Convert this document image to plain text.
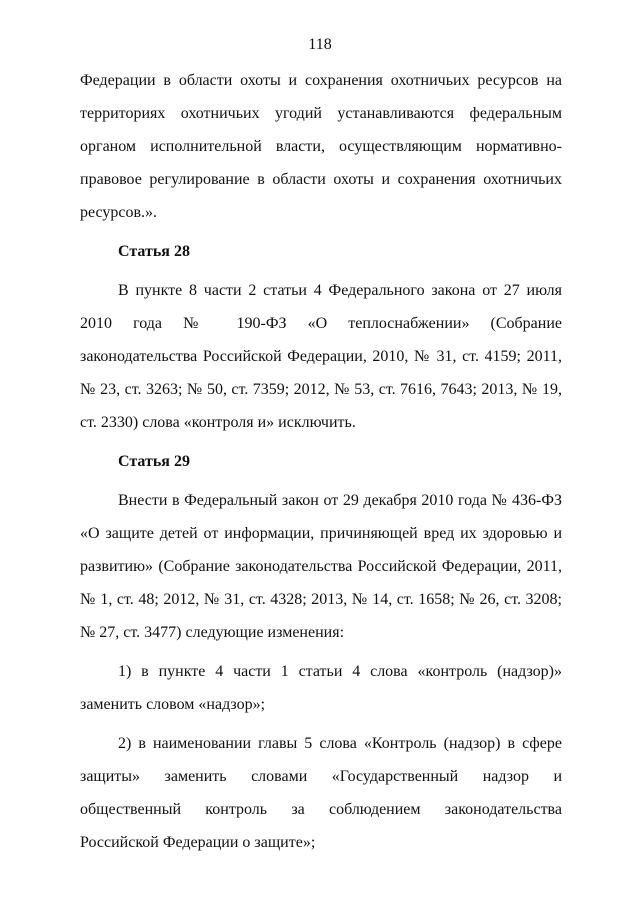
118

Федерации в области охоты и сохранения охотничьих ресурсов на территориях охотничьих угодий устанавливаются федеральным органом исполнительной власти, осуществляющим нормативно-правовое регулирование в области охоты и сохранения охотничьих ресурсов.».

Статья 28

В пункте 8 части 2 статьи 4 Федерального закона от 27 июля 2010 года № 190-ФЗ «О теплоснабжении» (Собрание законодательства Российской Федерации, 2010, № 31, ст. 4159; 2011, № 23, ст. 3263; № 50, ст. 7359; 2012, № 53, ст. 7616, 7643; 2013, № 19, ст. 2330) слова «контроля и» исключить.

Статья 29

Внести в Федеральный закон от 29 декабря 2010 года № 436-ФЗ «О защите детей от информации, причиняющей вред их здоровью и развитию» (Собрание законодательства Российской Федерации, 2011, № 1, ст. 48; 2012, № 31, ст. 4328; 2013, № 14, ст. 1658; № 26, ст. 3208; № 27, ст. 3477) следующие изменения:

1) в пункте 4 части 1 статьи 4 слова «контроль (надзор)» заменить словом «надзор»;

2) в наименовании главы 5 слова «Контроль (надзор) в сфере защиты» заменить словами «Государственный надзор и общественный контроль за соблюдением законодательства Российской Федерации о защите»;
